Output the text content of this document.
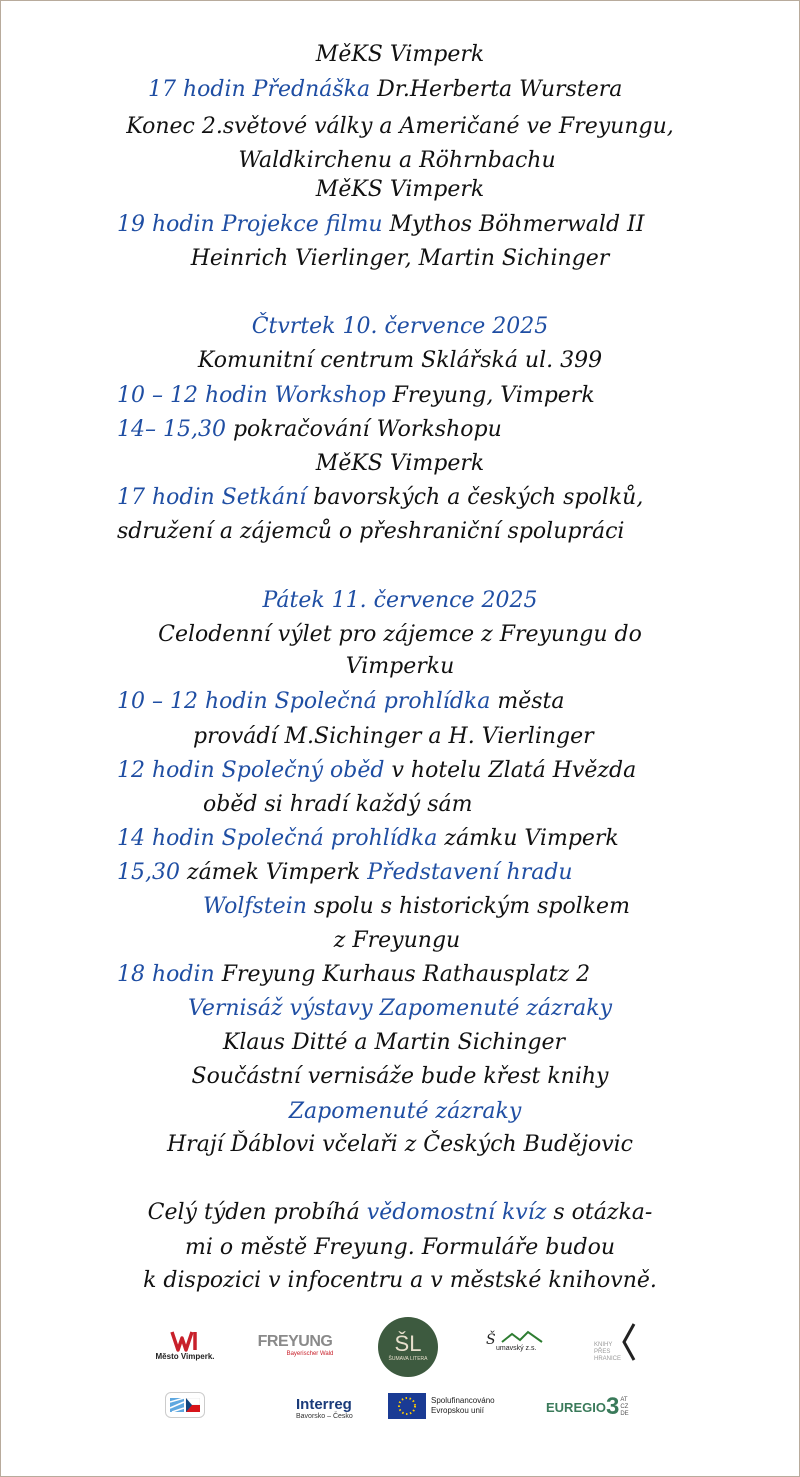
MěKS Vimperk
17 hodin Přednáška Dr.Herberta Wurstera
Konec 2.světové války a Američané ve Freyungu,
Waldkirchenu a Röhrnbachu
MěKS Vimperk
19 hodin Projekce filmu Mythos Böhmerwald II
Heinrich Vierlinger, Martin Sichinger
Čtvrtek 10. července 2025
Komunitní centrum Sklářská ul. 399
10 – 12 hodin Workshop Freyung, Vimperk
14– 15,30 pokračování Workshopu
MěKS Vimperk
17 hodin Setkání bavorských a českých spolků,
sdružení a zájemců o přeshraniční spolupráci
Pátek 11. července 2025
Celodenní výlet pro zájemce z Freyungu do
Vimperku
10 – 12 hodin Společná prohlídka města
provádí M.Sichinger a H. Vierlinger
12 hodin Společný oběd v hotelu Zlatá Hvězda
oběd si hradí každý sám
14 hodin Společná prohlídka zámku Vimperk
15,30 zámek Vimperk Představení hradu
Wolfstein spolu s historickým spolkem
z Freyungu
18 hodin Freyung Kurhaus Rathausplatz 2
Vernisáž výstavy Zapomenuté zázraky
Klaus Ditté a Martin Sichinger
Součástní vernisáže bude křest knihy
Zapomenuté zázraky
Hrají Ďáblovi včelaři z Českých Budějovic
Celý týden probíhá vědomostní kvíz s otázka-
mi o městě Freyung. Formuláře budou
k dispozici v infocentru a v městské knihovně.
Město Vimperk.
FREYUNG
Bayerischer Wald	ŠL
ŠUMAVA LITERA
Š
umavský z.s.	KNIHY
PŘES
HRANICE
Interreg
Bavorsko – Česko
Spolufinancováno
Evropskou unií	EUREGIO 3 AT
CZ
DE
